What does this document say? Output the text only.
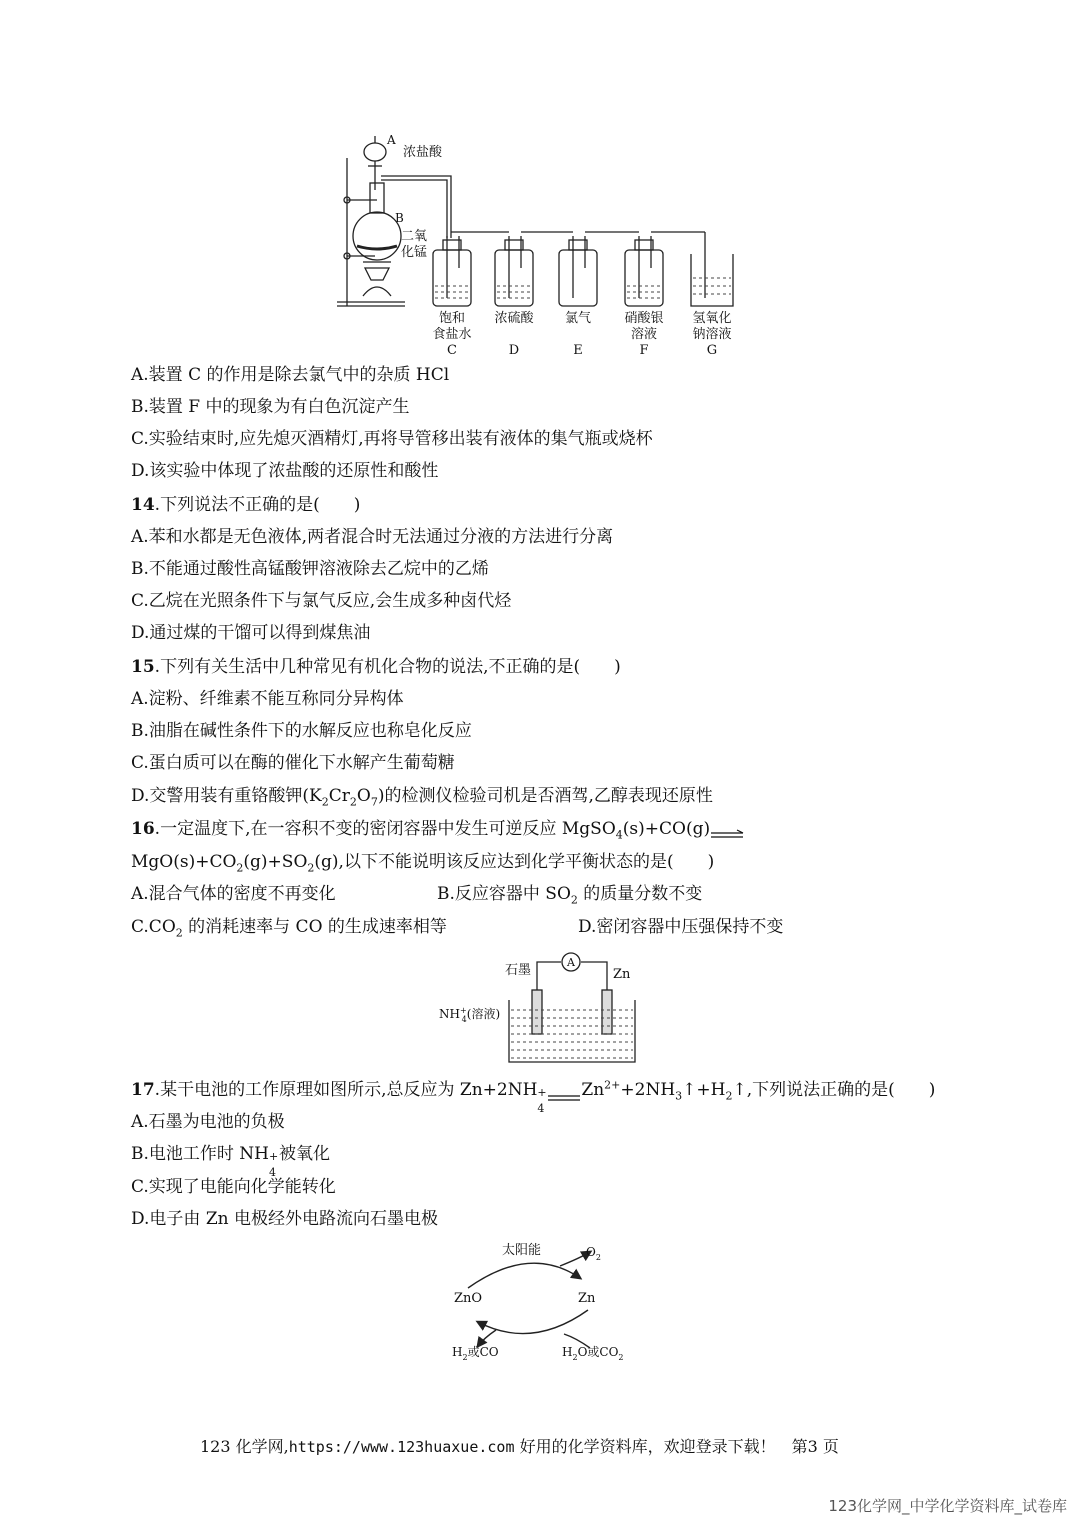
A
浓盐酸
B
二氧
化锰
饱和
食盐水
C
浓硫酸
D
氯气
E
硝酸银
溶液
F
氢氧化
钠溶液
G
A.装置 C 的作用是除去氯气中的杂质 HCl
B.装置 F 中的现象为有白色沉淀产生
C.实验结束时,应先熄灭酒精灯,再将导管移出装有液体的集气瓶或烧杯
D.该实验中体现了浓盐酸的还原性和酸性
14.下列说法不正确的是(　　)
A.苯和水都是无色液体,两者混合时无法通过分液的方法进行分离
B.不能通过酸性高锰酸钾溶液除去乙烷中的乙烯
C.乙烷在光照条件下与氯气反应,会生成多种卤代烃
D.通过煤的干馏可以得到煤焦油
15.下列有关生活中几种常见有机化合物的说法,不正确的是(　　)
A.淀粉、纤维素不能互称同分异构体
B.油脂在碱性条件下的水解反应也称皂化反应
C.蛋白质可以在酶的催化下水解产生葡萄糖
D.交警用装有重铬酸钾$(K_2Cr_2O_7)$的检测仪检验司机是否酒驾,乙醇表现还原性
16.一定温度下,在一容积不变的密闭容器中发生可逆反应 MgSO$_4$(s)+CO(g)
$MgO(s)+CO_2(g)+SO_2(g)$,以下不能说明该反应达到化学平衡状态的是(　　)
A.混合气体的密度不再变化	B.反应容器中 $SO_2$ 的质量分数不变
$C.CO_2$ 的消耗速率与 CO 的生成速率相等	D.密闭容器中压强保持不变
石墨
A
Zn
NH+ 4(溶液)
17.某干电池的工作原理如图所示,总反应为 Zn+2NH +
4
$Zn^{2+}+2NH_3↑+H_2↑$,下列说法正确的是(　　)
A.石墨为电池的负极
B.电池工作时 NH +
4
被氧化
C.实现了电能向化学能转化
D.电子由 Zn 电极经外电路流向石墨电极
太阳能	$O_2$
ZnO	Zn
$H_2$或CO	$H_2O$或$CO_2$
123 化学网,https://www.123huaxue.com 好用的化学资料库，欢迎登录下载！　第3 页
123化学网_中学化学资料库_试卷库
